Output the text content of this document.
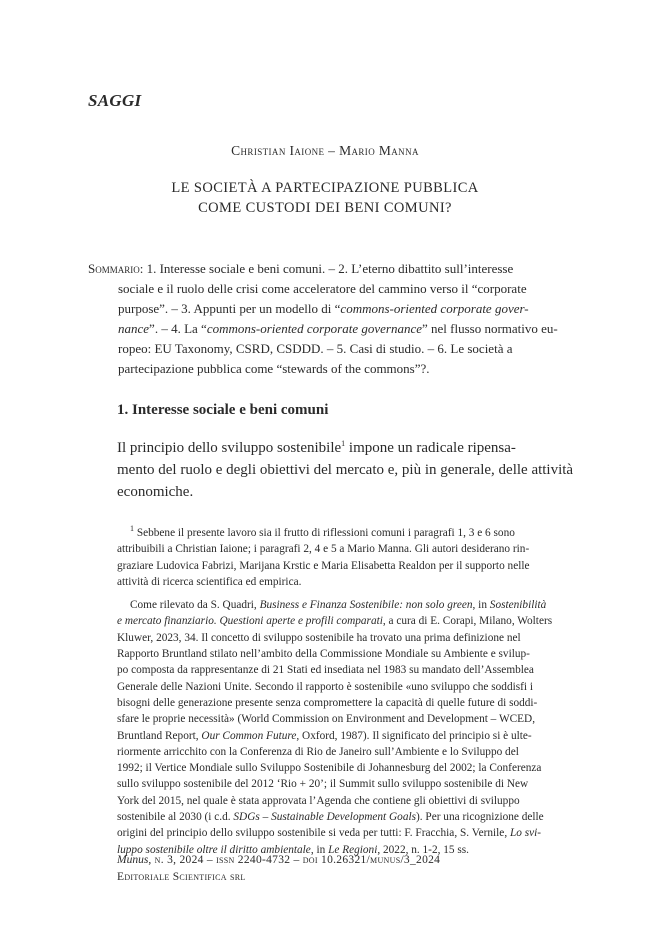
SAGGI
Christian Iaione – Mario Manna
LE SOCIETÀ A PARTECIPAZIONE PUBBLICA
COME CUSTODI DEI BENI COMUNI?
Sommario: 1. Interesse sociale e beni comuni. – 2. L’eterno dibattito sull’interesse
sociale e il ruolo delle crisi come acceleratore del cammino verso il “corporate
purpose”. – 3. Appunti per un modello di “commons-oriented corporate gover-
nance”. – 4. La “commons-oriented corporate governance” nel flusso normativo eu-
ropeo: EU Taxonomy, CSRD, CSDDD. – 5. Casi di studio. – 6. Le società a
partecipazione pubblica come “stewards of the commons”?.
1. Interesse sociale e beni comuni
Il principio dello sviluppo sostenibile$^1$ impone un radicale ripensa-
mento del ruolo e degli obiettivi del mercato e, più in generale, delle attività
economiche.
$^1$ Sebbene il presente lavoro sia il frutto di riflessioni comuni i paragrafi 1, 3 e 6 sono
attribuibili a Christian Iaione; i paragrafi 2, 4 e 5 a Mario Manna. Gli autori desiderano rin-
graziare Ludovica Fabrizi, Marijana Krstic e Maria Elisabetta Realdon per il supporto nelle
attività di ricerca scientifica ed empirica.
Come rilevato da S. Quadri, Business e Finanza Sostenibile: non solo green, in Sostenibilità
e mercato finanziario. Questioni aperte e profili comparati, a cura di E. Corapi, Milano, Wolters
Kluwer, 2023, 34. Il concetto di sviluppo sostenibile ha trovato una prima definizione nel
Rapporto Bruntland stilato nell’ambito della Commissione Mondiale su Ambiente e svilup-
po composta da rappresentanze di 21 Stati ed insediata nel 1983 su mandato dell’Assemblea
Generale delle Nazioni Unite. Secondo il rapporto è sostenibile «uno sviluppo che soddisfi i
bisogni delle generazione presente senza compromettere la capacità di quelle future di soddi-
sfare le proprie necessità» (World Commission on Environment and Development – WCED,
Bruntland Report, Our Common Future, Oxford, 1987). Il significato del principio si è ulte-
riormente arricchito con la Conferenza di Rio de Janeiro sull’Ambiente e lo Sviluppo del
1992; il Vertice Mondiale sullo Sviluppo Sostenibile di Johannesburg del 2002; la Conferenza
sullo sviluppo sostenibile del 2012 ‘Rio + 20’; il Summit sullo sviluppo sostenibile di New
York del 2015, nel quale è stata approvata l’Agenda che contiene gli obiettivi di sviluppo
sostenibile al 2030 (i c.d. SDGs – Sustainable Development Goals). Per una ricognizione delle
origini del principio dello sviluppo sostenibile si veda per tutti: F. Fracchia, S. Vernile, Lo svi-
luppo sostenibile oltre il diritto ambientale, in Le Regioni, 2022, n. 1-2, 15 ss.
Munus, n. 3, 2024 – issn 2240-4732 – doi 10.26321/munus/3_2024
Editoriale Scientifica srl
